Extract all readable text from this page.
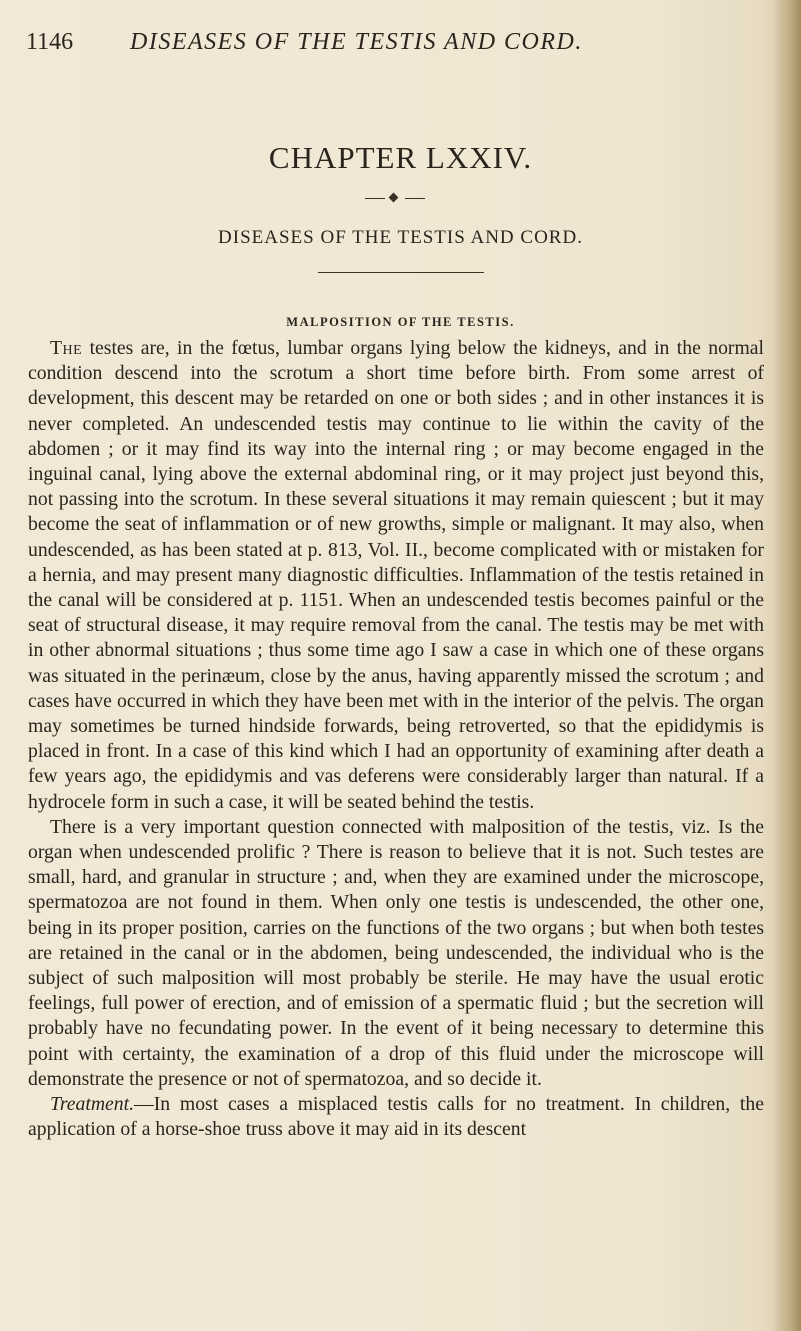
1146 DISEASES OF THE TESTIS AND CORD.
CHAPTER LXXIV.
DISEASES OF THE TESTIS AND CORD.
MALPOSITION OF THE TESTIS.

The testes are, in the fœtus, lumbar organs lying below the kidneys, and in the normal condition descend into the scrotum a short time before birth. From some arrest of development, this descent may be retarded on one or both sides ; and in other instances it is never completed. An undescended testis may continue to lie within the cavity of the abdomen ; or it may find its way into the internal ring ; or may become engaged in the inguinal canal, lying above the external abdominal ring, or it may project just beyond this, not passing into the scrotum. In these several situations it may remain quiescent ; but it may become the seat of inflammation or of new growths, simple or malignant. It may also, when undescended, as has been stated at p. 813, Vol. II., become complicated with or mistaken for a hernia, and may present many diagnostic difficulties. Inflammation of the testis retained in the canal will be considered at p. 1151. When an undescended testis becomes painful or the seat of structural disease, it may require removal from the canal. The testis may be met with in other abnormal situations ; thus some time ago I saw a case in which one of these organs was situated in the perinæum, close by the anus, having apparently missed the scrotum ; and cases have occurred in which they have been met with in the interior of the pelvis. The organ may sometimes be turned hindside forwards, being retroverted, so that the epididymis is placed in front. In a case of this kind which I had an opportunity of examining after death a few years ago, the epididymis and vas deferens were considerably larger than natural. If a hydrocele form in such a case, it will be seated behind the testis.

There is a very important question connected with malposition of the testis, viz. Is the organ when undescended prolific ? There is reason to believe that it is not. Such testes are small, hard, and granular in structure ; and, when they are examined under the microscope, spermatozoa are not found in them. When only one testis is undescended, the other one, being in its proper position, carries on the functions of the two organs ; but when both testes are retained in the canal or in the abdomen, being undescended, the individual who is the subject of such malposition will most probably be sterile. He may have the usual erotic feelings, full power of erection, and of emission of a spermatic fluid ; but the secretion will probably have no fecundating power. In the event of it being necessary to determine this point with certainty, the examination of a drop of this fluid under the microscope will demonstrate the presence or not of spermatozoa, and so decide it.

Treatment.—In most cases a misplaced testis calls for no treatment. In children, the application of a horse-shoe truss above it may aid in its descent
